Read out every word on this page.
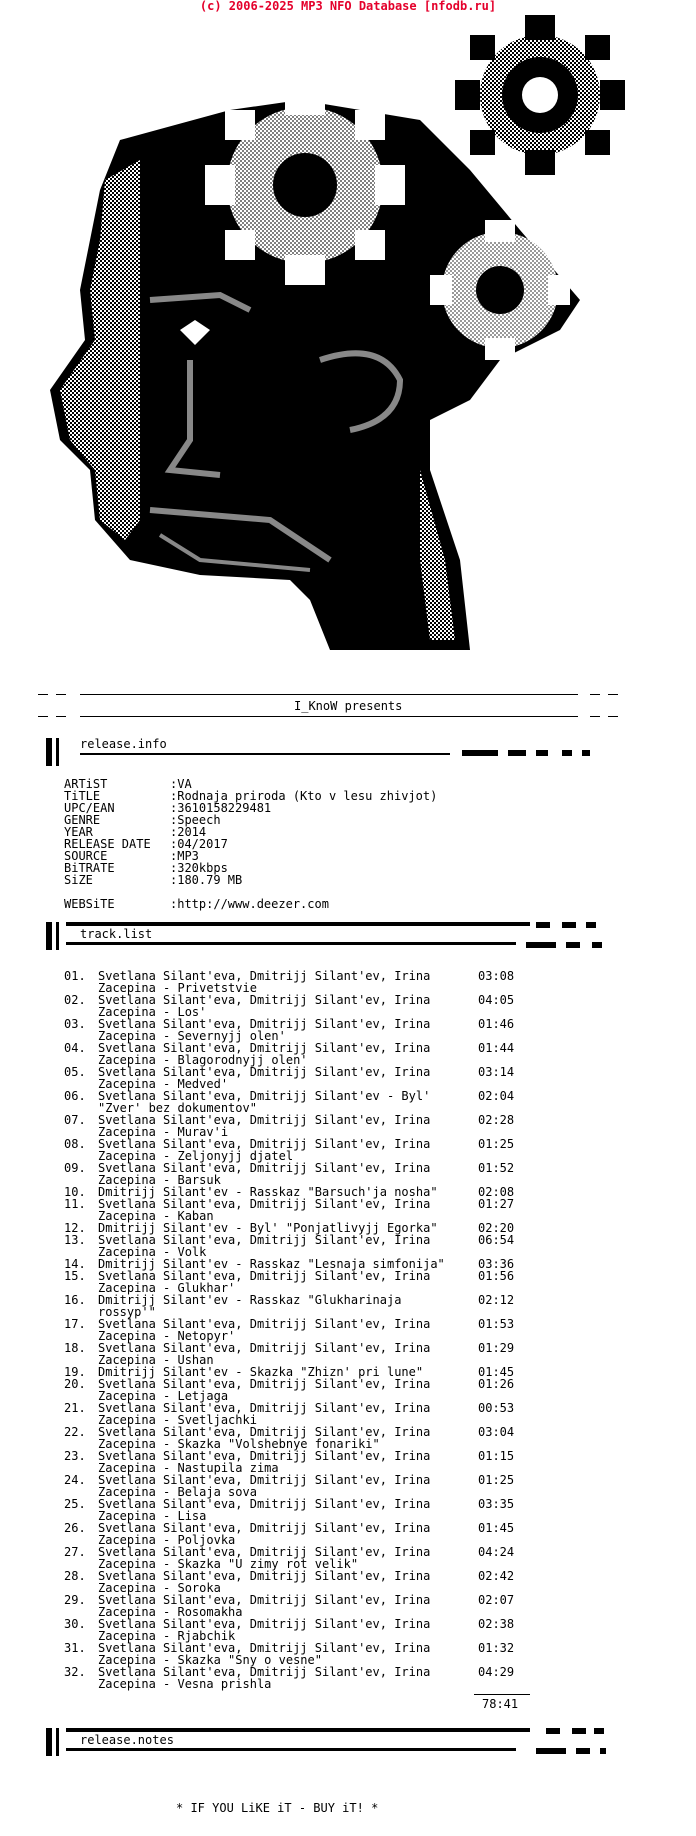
(c) 2006-2025 MP3 NFO Database [nfodb.ru]
I_KnoW presents
release.info
ARTiST	: VA
TiTLE	: Rodnaja priroda (Kto v lesu zhivjot)
UPC/EAN	: 3610158229481
GENRE	: Speech
YEAR	: 2014
RELEASE DATE	: 04/2017
SOURCE	: MP3
BiTRATE	: 320kbps
SiZE	: 180.79 MB
WEBSiTE	: http://www.deezer.com
track.list
01.	Svetlana Silant'eva, Dmitrijj Silant'ev, Irina	03:08
Zacepina - Privetstvie
02.	Svetlana Silant'eva, Dmitrijj Silant'ev, Irina	04:05
Zacepina - Los'
03.	Svetlana Silant'eva, Dmitrijj Silant'ev, Irina	01:46
Zacepina - Severnyjj olen'
04.	Svetlana Silant'eva, Dmitrijj Silant'ev, Irina	01:44
Zacepina - Blagorodnyjj olen'
05.	Svetlana Silant'eva, Dmitrijj Silant'ev, Irina	03:14
Zacepina - Medved'
06.	Svetlana Silant'eva, Dmitrijj Silant'ev - Byl'	02:04
"Zver' bez dokumentov"
07.	Svetlana Silant'eva, Dmitrijj Silant'ev, Irina	02:28
Zacepina - Murav'i
08.	Svetlana Silant'eva, Dmitrijj Silant'ev, Irina	01:25
Zacepina - Zeljonyjj djatel
09.	Svetlana Silant'eva, Dmitrijj Silant'ev, Irina	01:52
Zacepina - Barsuk
10.	Dmitrijj Silant'ev - Rasskaz "Barsuch'ja nosha"	02:08
11.	Svetlana Silant'eva, Dmitrijj Silant'ev, Irina	01:27
Zacepina - Kaban
12.	Dmitrijj Silant'ev - Byl' "Ponjatlivyjj Egorka"	02:20
13.	Svetlana Silant'eva, Dmitrijj Silant'ev, Irina	06:54
Zacepina - Volk
14.	Dmitrijj Silant'ev - Rasskaz "Lesnaja simfonija"	03:36
15.	Svetlana Silant'eva, Dmitrijj Silant'ev, Irina	01:56
Zacepina - Glukhar'
16.	Dmitrijj Silant'ev - Rasskaz "Glukharinaja	02:12
rossyp'"
17.	Svetlana Silant'eva, Dmitrijj Silant'ev, Irina	01:53
Zacepina - Netopyr'
18.	Svetlana Silant'eva, Dmitrijj Silant'ev, Irina	01:29
Zacepina - Ushan
19.	Dmitrijj Silant'ev - Skazka "Zhizn' pri lune"	01:45
20.	Svetlana Silant'eva, Dmitrijj Silant'ev, Irina	01:26
Zacepina - Letjaga
21.	Svetlana Silant'eva, Dmitrijj Silant'ev, Irina	00:53
Zacepina - Svetljachki
22.	Svetlana Silant'eva, Dmitrijj Silant'ev, Irina	03:04
Zacepina - Skazka "Volshebnye fonariki"
23.	Svetlana Silant'eva, Dmitrijj Silant'ev, Irina	01:15
Zacepina - Nastupila zima
24.	Svetlana Silant'eva, Dmitrijj Silant'ev, Irina	01:25
Zacepina - Belaja sova
25.	Svetlana Silant'eva, Dmitrijj Silant'ev, Irina	03:35
Zacepina - Lisa
26.	Svetlana Silant'eva, Dmitrijj Silant'ev, Irina	01:45
Zacepina - Poljovka
27.	Svetlana Silant'eva, Dmitrijj Silant'ev, Irina	04:24
Zacepina - Skazka "U zimy rot velik"
28.	Svetlana Silant'eva, Dmitrijj Silant'ev, Irina	02:42
Zacepina - Soroka
29.	Svetlana Silant'eva, Dmitrijj Silant'ev, Irina	02:07
Zacepina - Rosomakha
30.	Svetlana Silant'eva, Dmitrijj Silant'ev, Irina	02:38
Zacepina - Rjabchik
31.	Svetlana Silant'eva, Dmitrijj Silant'ev, Irina	01:32
Zacepina - Skazka "Sny o vesne"
32.	Svetlana Silant'eva, Dmitrijj Silant'ev, Irina	04:29
Zacepina - Vesna prishla
78:41
release.notes
* IF YOU LiKE iT - BUY iT! *
